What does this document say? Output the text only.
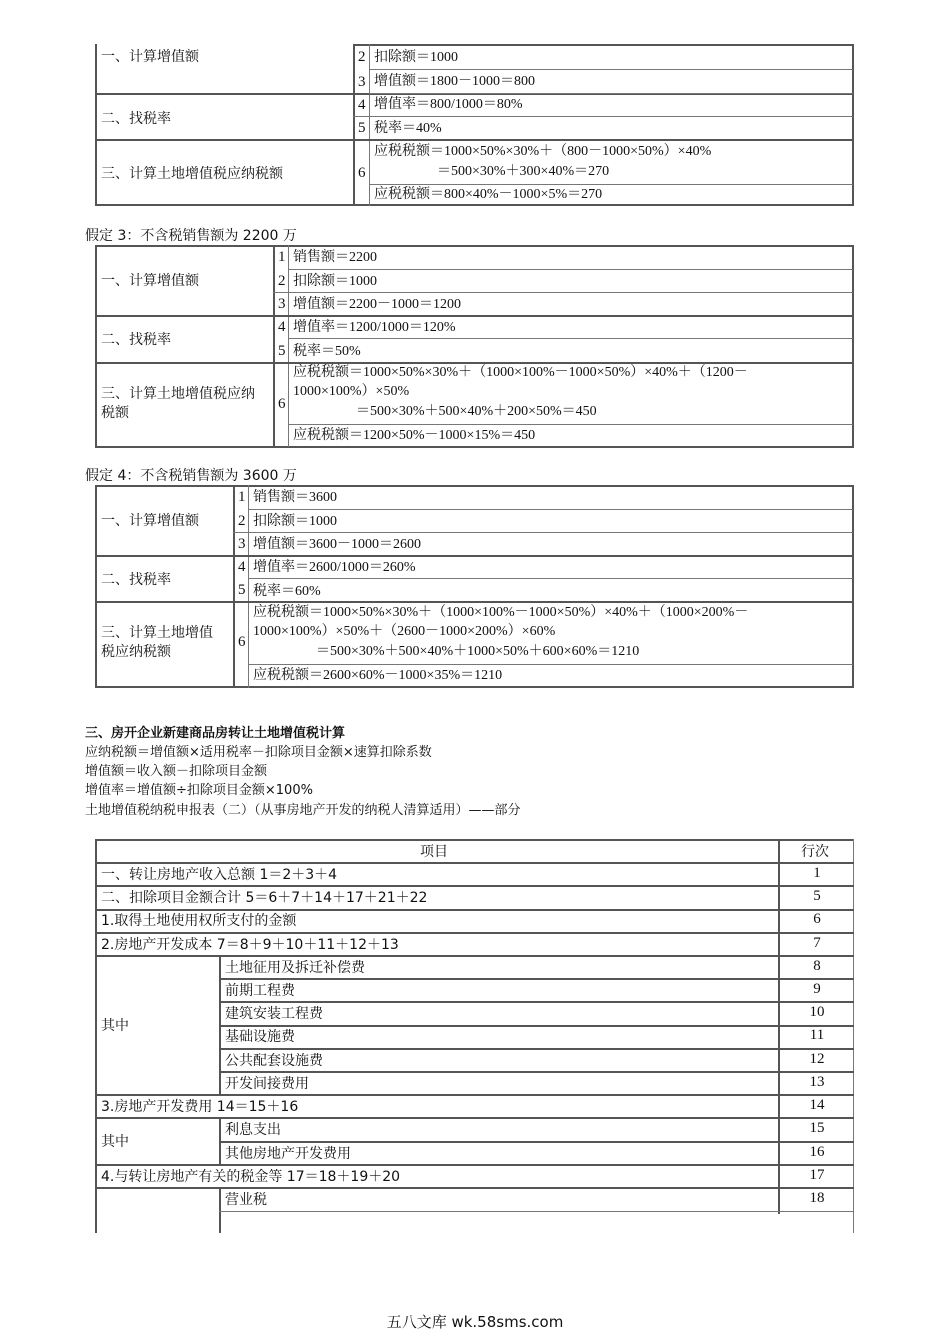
一、计算增值额
二、找税率
三、计算土地增值税应纳税额
2
3
4
5
6
扣除额＝1000
增值额＝1800－1000＝800
增值率＝800/1000＝80%
税率＝40%
应税税额＝1000×50%×30%＋（800－1000×50%）×40%
＝500×30%＋300×40%＝270
应税税额＝800×40%－1000×5%＝270
假定 3：不含税销售额为 2200 万
一、计算增值额
二、找税率
三、计算土地增值税应纳
税额
1
2
3
4
5
6
销售额＝2200
扣除额＝1000
增值额＝2200－1000＝1200
增值率＝1200/1000＝120%
税率＝50%
应税税额＝1000×50%×30%＋（1000×100%－1000×50%）×40%＋（1200－
1000×100%）×50%
＝500×30%＋500×40%＋200×50%＝450
应税税额＝1200×50%－1000×15%＝450
假定 4：不含税销售额为 3600 万
一、计算增值额
二、找税率
三、计算土地增值
税应纳税额
1
2
3
4
5
6
销售额＝3600
扣除额＝1000
增值额＝3600－1000＝2600
增值率＝2600/1000＝260%
税率＝60%
应税税额＝1000×50%×30%＋（1000×100%－1000×50%）×40%＋（1000×200%－
1000×100%）×50%＋（2600－1000×200%）×60%
＝500×30%＋500×40%＋1000×50%＋600×60%＝1210
应税税额＝2600×60%－1000×35%＝1210
三、房开企业新建商品房转让土地增值税计算
应纳税额＝增值额×适用税率－扣除项目金额×速算扣除系数
增值额＝收入额－扣除项目金额
增值率＝增值额÷扣除项目金额×100%
土地增值税纳税申报表（二）（从事房地产开发的纳税人清算适用）——部分
项目	行次
一、转让房地产收入总额 1＝2＋3＋4
二、扣除项目金额合计 5＝6＋7＋14＋17＋21＋22
1.取得土地使用权所支付的金额
2.房地产开发成本 7＝8＋9＋10＋11＋12＋13
其中
土地征用及拆迁补偿费
前期工程费
建筑安装工程费
基础设施费
公共配套设施费
开发间接费用
3.房地产开发费用 14＝15＋16
其中
利息支出
其他房地产开发费用
4.与转让房地产有关的税金等 17＝18＋19＋20
营业税
1
5
6
7
8
9
10
11
12
13
14
15
16
17
18
五八文库 wk.58sms.com
